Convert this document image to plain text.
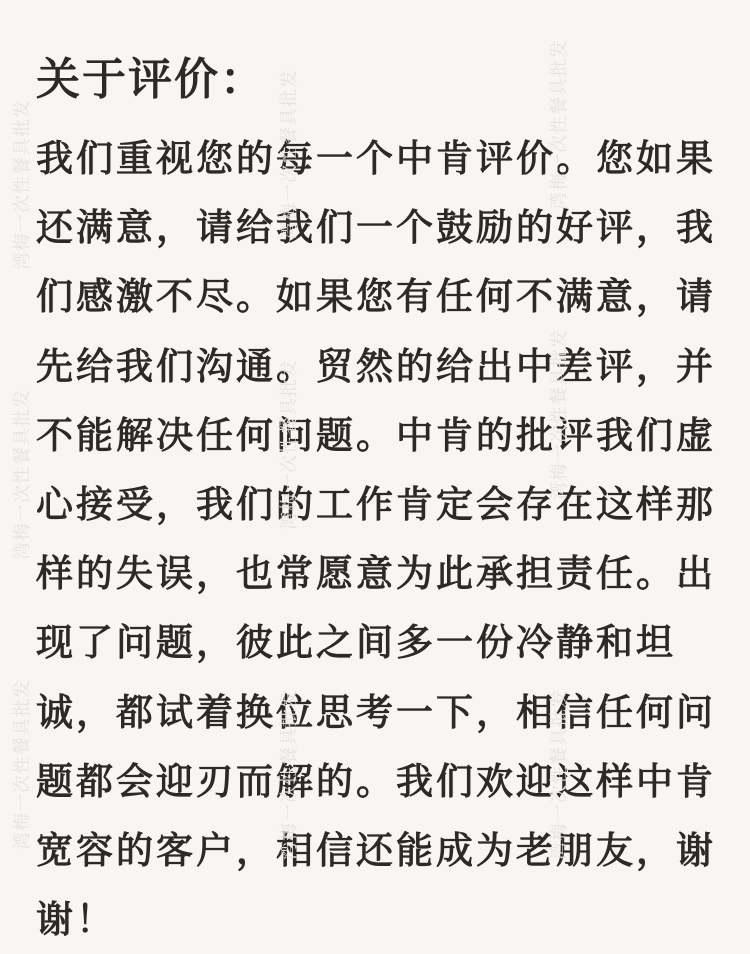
湾梅一次性餐具批发	湾梅一次性餐具批发	湾梅一次性餐具批发
湾梅一次性餐具批发	湾梅一次性餐具批发	湾梅一次性餐具批发
湾梅一次性餐具批发	湾梅一次性餐具批发	湾梅一次性餐具批发
关于评价：

我们重视您的每一个中肯评价。您如果还满意，请给我们一个鼓励的好评，我们感激不尽。如果您有任何不满意，请先给我们沟通。贸然的给出中差评，并不能解决任何问题。中肯的批评我们虚心接受，我们的工作肯定会存在这样那样的失误，也常愿意为此承担责任。出现了问题，彼此之间多一份冷静和坦诚，都试着换位思考一下，相信任何问题都会迎刃而解的。我们欢迎这样中肯宽容的客户，相信还能成为老朋友，谢谢！
